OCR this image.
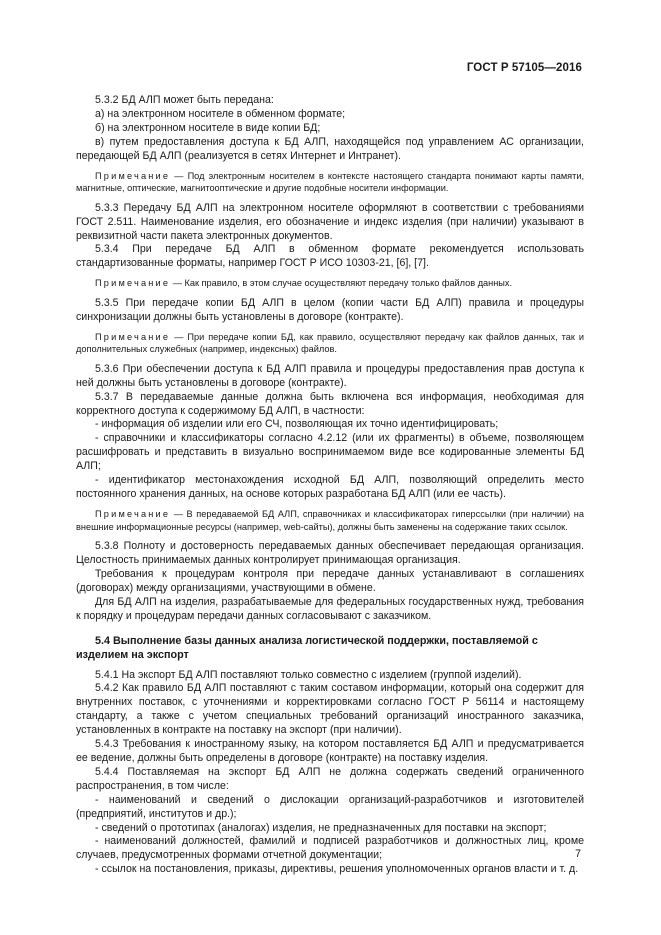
ГОСТ Р 57105—2016

5.3.2 БД АЛП может быть передана:

а) на электронном носителе в обменном формате;

б) на электронном носителе в виде копии БД;

в) путем предоставления доступа к БД АЛП, находящейся под управлением АС организации, передающей БД АЛП (реализуется в сетях Интернет и Интранет).

Примечание — Под электронным носителем в контексте настоящего стандарта понимают карты памяти, магнитные, оптические, магнитооптические и другие подобные носители информации.

5.3.3 Передачу БД АЛП на электронном носителе оформляют в соответствии с требованиями ГОСТ 2.511. Наименование изделия, его обозначение и индекс изделия (при наличии) указывают в реквизитной части пакета электронных документов.

5.3.4 При передаче БД АЛП в обменном формате рекомендуется использовать стандартизованные форматы, например ГОСТ Р ИСО 10303-21, [6], [7].

Примечание — Как правило, в этом случае осуществляют передачу только файлов данных.

5.3.5 При передаче копии БД АЛП в целом (копии части БД АЛП) правила и процедуры синхронизации должны быть установлены в договоре (контракте).

Примечание — При передаче копии БД, как правило, осуществляют передачу как файлов данных, так и дополнительных служебных (например, индексных) файлов.

5.3.6 При обеспечении доступа к БД АЛП правила и процедуры предоставления прав доступа к ней должны быть установлены в договоре (контракте).

5.3.7 В передаваемые данные должна быть включена вся информация, необходимая для корректного доступа к содержимому БД АЛП, в частности:

- информация об изделии или его СЧ, позволяющая их точно идентифицировать;

- справочники и классификаторы согласно 4.2.12 (или их фрагменты) в объеме, позволяющем расшифровать и представить в визуально воспринимаемом виде все кодированные элементы БД АЛП;

- идентификатор местонахождения исходной БД АЛП, позволяющий определить место постоянного хранения данных, на основе которых разработана БД АЛП (или ее часть).

Примечание — В передаваемой БД АЛП, справочниках и классификаторах гиперссылки (при наличии) на внешние информационные ресурсы (например, web-сайты), должны быть заменены на содержание таких ссылок.

5.3.8 Полноту и достоверность передаваемых данных обеспечивает передающая организация. Целостность принимаемых данных контролирует принимающая организация.

Требования к процедурам контроля при передаче данных устанавливают в соглашениях (договорах) между организациями, участвующими в обмене.

Для БД АЛП на изделия, разрабатываемые для федеральных государственных нужд, требования к порядку и процедурам передачи данных согласовывают с заказчиком.

5.4 Выполнение базы данных анализа логистической поддержки, поставляемой с изделием на экспорт

5.4.1 На экспорт БД АЛП поставляют только совместно с изделием (группой изделий).

5.4.2 Как правило БД АЛП поставляют с таким составом информации, который она содержит для внутренних поставок, с уточнениями и корректировками согласно ГОСТ Р 56114 и настоящему стандарту, а также с учетом специальных требований организаций иностранного заказчика, установленных в контракте на поставку на экспорт (при наличии).

5.4.3 Требования к иностранному языку, на котором поставляется БД АЛП и предусматривается ее ведение, должны быть определены в договоре (контракте) на поставку изделия.

5.4.4 Поставляемая на экспорт БД АЛП не должна содержать сведений ограниченного распространения, в том числе:

- наименований и сведений о дислокации организаций-разработчиков и изготовителей (предприятий, институтов и др.);

- сведений о прототипах (аналогах) изделия, не предназначенных для поставки на экспорт;

- наименований должностей, фамилий и подписей разработчиков и должностных лиц, кроме случаев, предусмотренных формами отчетной документации;

- ссылок на постановления, приказы, директивы, решения уполномоченных органов власти и т. д.

7
